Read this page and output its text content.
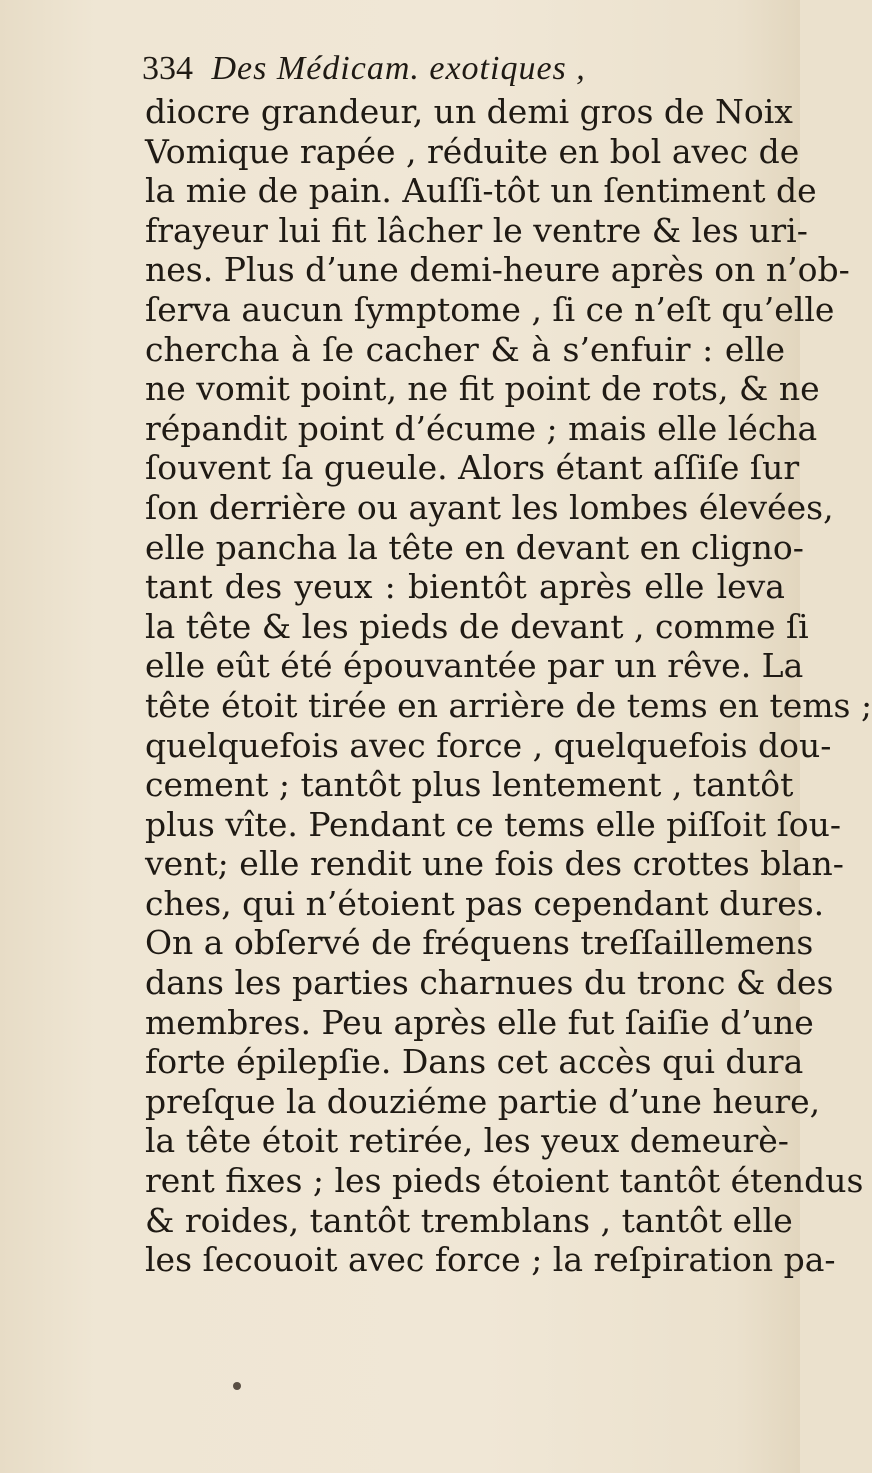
334 Des Médicam. exotiques ,
diocre grandeur, un demi gros de Noix
Vomique rapée , réduite en bol avec de
la mie de pain. Auſſi-tôt un ſentiment de
frayeur lui fit lâcher le ventre & les uri-
nes. Plus d’une demi-heure après on n’ob-
ſerva aucun ſymptome , ſi ce n’eſt qu’elle
chercha à ſe cacher & à s’enfuir : elle
ne vomit point, ne fit point de rots, & ne
répandit point d’écume ; mais elle lécha
ſouvent ſa gueule. Alors étant aſſiſe ſur
ſon derrière ou ayant les lombes élevées,
elle pancha la tête en devant en cligno-
tant des yeux : bientôt après elle leva
la tête & les pieds de devant , comme ſi
elle eût été épouvantée par un rêve. La
tête étoit tirée en arrière de tems en tems ;
quelquefois avec force , quelquefois dou-
cement ; tantôt plus lentement , tantôt
plus vîte. Pendant ce tems elle piſſoit ſou-
vent; elle rendit une fois des crottes blan-
ches, qui n’étoient pas cependant dures.
On a obſervé de fréquens treſſaillemens
dans les parties charnues du tronc & des
membres. Peu après elle fut ſaiſie d’une
forte épilepſie. Dans cet accès qui dura
preſque la douziéme partie d’une heure,
la tête étoit retirée, les yeux demeurè-
rent fixes ; les pieds étoient tantôt étendus
& roides, tantôt tremblans , tantôt elle
les ſecouoit avec force ; la reſpiration pa-
